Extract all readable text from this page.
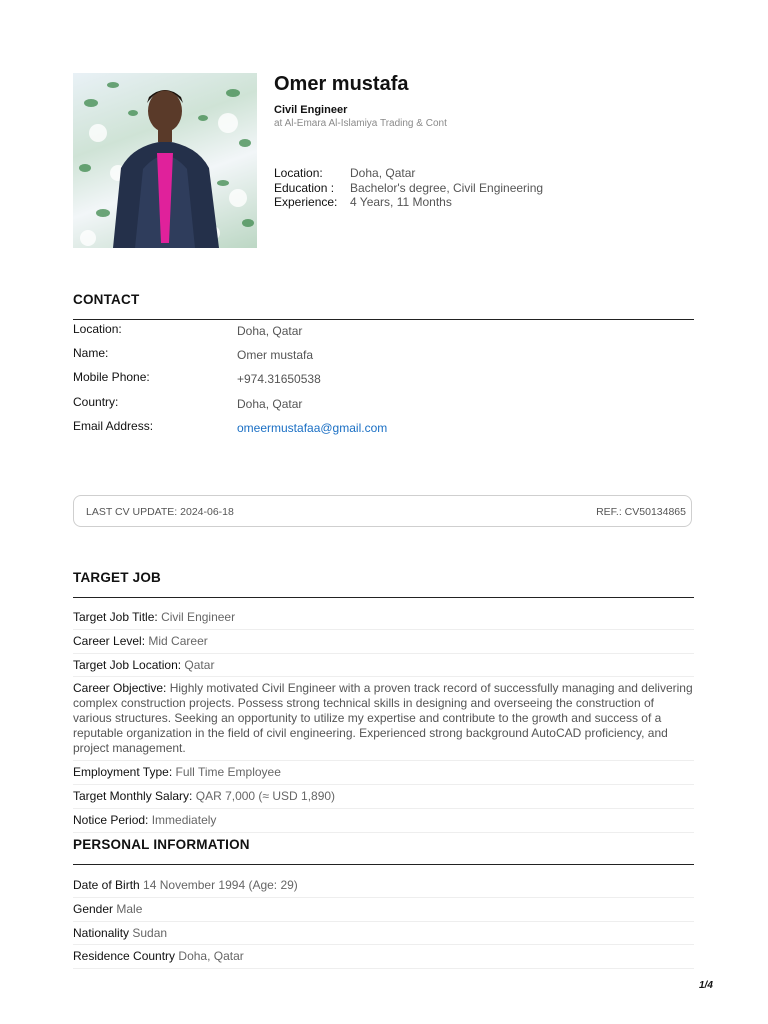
Omer mustafa
Civil Engineer
at Al-Emara Al-Islamiya Trading & Cont
Location:	Doha, Qatar
Education :	Bachelor's degree, Civil Engineering
Experience:	4 Years, 11 Months
CONTACT
Location:	Doha, Qatar
Name:	Omer mustafa
Mobile Phone:	+974.31650538
Country:	Doha, Qatar
Email Address:	omeermustafaa@gmail.com
LAST CV UPDATE: 2024-06-18	REF.: CV50134865
TARGET JOB
Target Job Title: Civil Engineer
Career Level: Mid Career
Target Job Location: Qatar
Career Objective: Highly motivated Civil Engineer with a proven track record of successfully managing and delivering complex construction projects. Possess strong technical skills in designing and overseeing the construction of various structures. Seeking an opportunity to utilize my expertise and contribute to the growth and success of a reputable organization in the field of civil engineering. Experienced strong background AutoCAD proficiency, and project management.
Employment Type: Full Time Employee
Target Monthly Salary: QAR 7,000 (≈ USD 1,890)
Notice Period: Immediately
PERSONAL INFORMATION
Date of Birth 14 November 1994 (Age: 29)
Gender Male
Nationality Sudan
Residence Country Doha, Qatar
1/4
